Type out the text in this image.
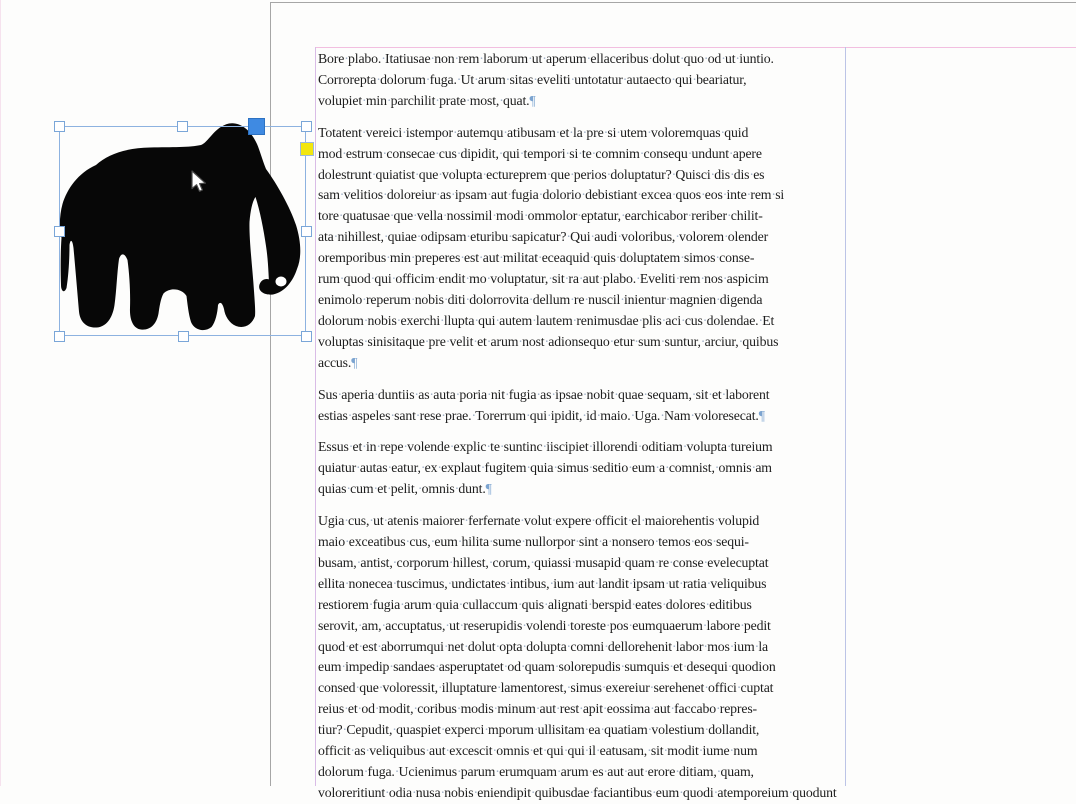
Bore·plabo.·Itatiusae·non·rem·laborum·ut·aperum·ellaceribus·dolut·quo·od·ut·iuntio.
Corrorepta·dolorum·fuga.·Ut·arum·sitas·eveliti·untotatur·autaecto·qui·beariatur,
volupiet·min·parchilit·prate·most,·quat.¶
Totatent·vereici·istempor·autemqu·atibusam·et·la·pre·si·utem·voloremquas·quid
mod·estrum·consecae·cus·dipidit,·qui·tempori·si·te·comnim·consequ·undunt·apere
dolestrunt·quiatist·que·volupta·ectureprem·que·perios·doluptatur?·Quisci·dis·dis·es
sam·velitios·doloreiur·as·ipsam·aut·fugia·dolorio·debistiant·excea·quos·eos·inte·rem·si
tore·quatusae·que·vella·nossimil·modi·ommolor·eptatur,·earchicabor·reriber·chilit-
ata·nihillest,·quiae·odipsam·eturibu·sapicatur?·Qui·audi·voloribus,·volorem·olender
oremporibus·min·preperes·est·aut·militat·eceaquid·quis·doluptatem·simos·conse-
rum·quod·qui·officim·endit·mo·voluptatur,·sit·ra·aut·plabo.·Eveliti·rem·nos·aspicim
enimolo·reperum·nobis·diti·dolorrovita·dellum·re·nuscil·inientur·magnien·digenda
dolorum·nobis·exerchi·llupta·qui·autem·lautem·renimusdae·plis·aci·cus·dolendae.·Et
voluptas·sinisitaque·pre·velit·et·arum·nost·adionsequo·etur·sum·suntur,·arciur,·quibus
accus.¶
Sus·aperia·duntiis·as·auta·poria·nit·fugia·as·ipsae·nobit·quae·sequam,·sit·et·laborent
estias·aspeles·sant·rese·prae.·Torerrum·qui·ipidit,·id·maio.·Uga.·Nam·voloresecat.¶
Essus·et·in·repe·volende·explic·te·suntinc·iiscipiet·illorendi·oditiam·volupta·tureium
quiatur·autas·eatur,·ex·explaut·fugitem·quia·simus·seditio·eum·a·comnist,·omnis·am
quias·cum·et·pelit,·omnis·dunt.¶
Ugia·cus,·ut·atenis·maiorer·ferfernate·volut·expere·officit·el·maiorehentis·volupid
maio·exceatibus·cus,·eum·hilita·sume·nullorpor·sint·a·nonsero·temos·eos·sequi-
busam,·antist,·corporum·hillest,·corum,·quiassi·musapid·quam·re·conse·evelecuptat
ellita·nonecea·tuscimus,·undictates·intibus,·ium·aut·landit·ipsam·ut·ratia·veliquibus
restiorem·fugia·arum·quia·cullaccum·quis·alignati·berspid·eates·dolores·editibus
serovit,·am,·accuptatus,·ut·reserupidis·volendi·toreste·pos·eumquaerum·labore·pedit
quod·et·est·aborrumqui·net·dolut·opta·dolupta·comni·dellorehenit·labor·mos·ium·la
eum·impedip·sandaes·asperuptatet·od·quam·solorepudis·sumquis·et·desequi·quodion
consed·que·voloressit,·illuptature·lamentorest,·simus·exereiur·serehenet·offici·cuptat
reius·et·od·modit,·coribus·modis·minum·aut·rest·apit·eossima·aut·faccabo·repres-
tiur?·Cepudit,·quaspiet·experci·mporum·ullisitam·ea·quatiam·volestium·dollandit,
officit·as·veliquibus·aut·excescit·omnis·et·qui·qui·il·eatusam,·sit·modit·iume·num
dolorum·fuga.·Ucienimus·parum·erumquam·arum·es·aut·aut·erore·ditiam,·quam,
voloreritiunt·odia·nusa·nobis·eniendipit·quibusdae·faciantibus·eum·quodi·atemporeium·quodunt
